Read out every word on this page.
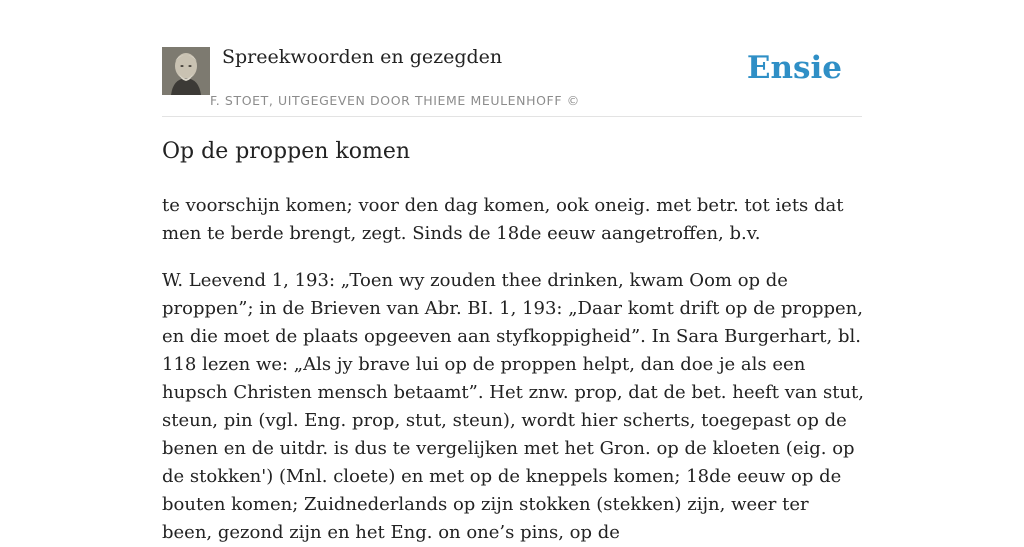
Spreekwoorden en gezegden
F. STOET, UITGEGEVEN DOOR THIEME MEULENHOFF ©
Ensie
Op de proppen komen

te voorschijn komen; voor den dag komen, ook oneig. met betr. tot iets dat men te berde brengt, zegt. Sinds de 18de eeuw aangetroffen, b.v.

W. Leevend 1, 193: „Toen wy zouden thee drinken, kwam Oom op de proppen”; in de Brieven van Abr. BI. 1, 193: „Daar komt drift op de proppen, en die moet de plaats opgeeven aan styfkoppigheid”. In Sara Burgerhart, bl. 118 lezen we: „Als jy brave lui op de proppen helpt, dan doe je als een hupsch Christen mensch betaamt”. Het znw. prop, dat de bet. heeft van stut, steun, pin (vgl. Eng. prop, stut, steun), wordt hier scherts, toegepast op de benen en de uitdr. is dus te vergelijken met het Gron. op de kloeten (eig. op de stokken') (Mnl. cloete) en met op de kneppels komen; 18de eeuw op de bouten komen; Zuidnederlands op zijn stokken (stekken) zijn, weer ter been, gezond zijn en het Eng. on one’s pins, op de
